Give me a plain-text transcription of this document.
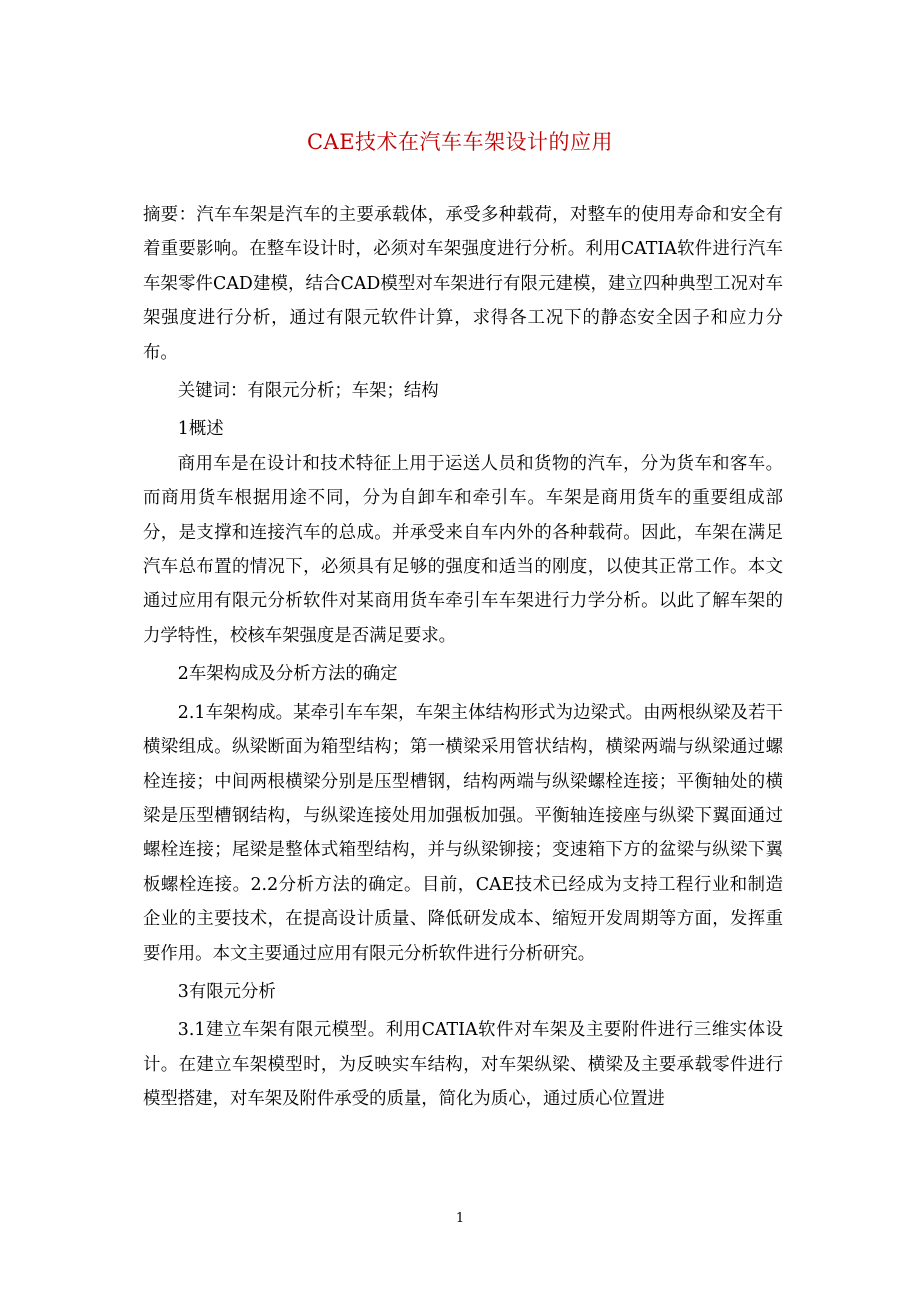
CAE技术在汽车车架设计的应用

摘要：汽车车架是汽车的主要承载体，承受多种载荷，对整车的使用寿命和安全有着重要影响。在整车设计时，必须对车架强度进行分析。利用CATIA软件进行汽车车架零件CAD建模，结合CAD模型对车架进行有限元建模，建立四种典型工况对车架强度进行分析，通过有限元软件计算，求得各工况下的静态安全因子和应力分布。

关键词：有限元分析；车架；结构

1概述

商用车是在设计和技术特征上用于运送人员和货物的汽车，分为货车和客车。而商用货车根据用途不同，分为自卸车和牵引车。车架是商用货车的重要组成部分，是支撑和连接汽车的总成。并承受来自车内外的各种载荷。因此，车架在满足汽车总布置的情况下，必须具有足够的强度和适当的刚度，以使其正常工作。本文通过应用有限元分析软件对某商用货车牵引车车架进行力学分析。以此了解车架的力学特性，校核车架强度是否满足要求。

2车架构成及分析方法的确定

2.1车架构成。某牵引车车架，车架主体结构形式为边梁式。由两根纵梁及若干横梁组成。纵梁断面为箱型结构；第一横梁采用管状结构，横梁两端与纵梁通过螺栓连接；中间两根横梁分别是压型槽钢，结构两端与纵梁螺栓连接；平衡轴处的横梁是压型槽钢结构，与纵梁连接处用加强板加强。平衡轴连接座与纵梁下翼面通过螺栓连接；尾梁是整体式箱型结构，并与纵梁铆接；变速箱下方的盆梁与纵梁下翼板螺栓连接。2.2分析方法的确定。目前，CAE技术已经成为支持工程行业和制造企业的主要技术，在提高设计质量、降低研发成本、缩短开发周期等方面，发挥重要作用。本文主要通过应用有限元分析软件进行分析研究。

3有限元分析

3.1建立车架有限元模型。利用CATIA软件对车架及主要附件进行三维实体设计。在建立车架模型时，为反映实车结构，对车架纵梁、横梁及主要承载零件进行模型搭建，对车架及附件承受的质量，简化为质心，通过质心位置进

1
